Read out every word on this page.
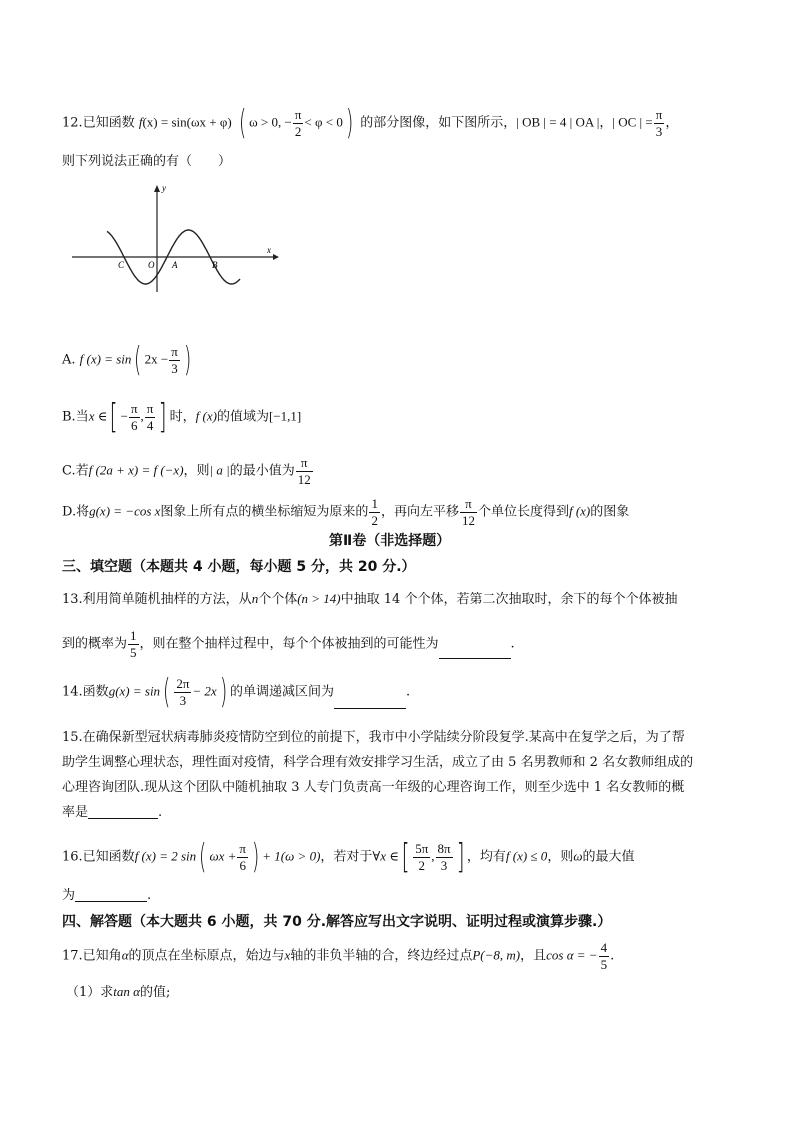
12.已知函数 f(x) = sin(ωx + φ) ( ω > 0, − $\frac{\pi}{2} < \varphi < 0$) 的部分图像，如下图所示，| OB | = 4 | OA |，| OC | = $\frac{\pi}{3}$ ，
则下列说法正确的有（　　）
y
x
C	O A	B
A. f (x) = sin( $2x - \frac{\pi}{3}$ )
B.当x ∈[ − $\frac{\pi}{6}$ , $\frac{\pi}{4}$ ] 时，f (x)的值域为[−1,1]
C.若f (2a + x) = f (−x)，则| a |的最小值为 $\frac{\pi}{12}$
D.将g(x) = −cos x图象上所有点的横坐标缩短为原来的 $\frac{1}{2}$ ，再向左平移 $\frac{\pi}{12}$ 个单位长度得到f (x)的图象
第Ⅱ卷（非选择题）
三、填空题（本题共 4 小题，每小题 5 分，共 20 分.）
13.利用简单随机抽样的方法，从n个个体(n > 14)中抽取 14 个个体，若第二次抽取时，余下的每个个体被抽
到的概率为 $\frac{1}{5}$ ，则在整个抽样过程中，每个个体被抽到的可能性为	.
14.函数$g(x) = \sin( \frac{2\pi}{3} - 2x)$ 的单调递减区间为	.
15.在确保新型冠状病毒肺炎疫情防空到位的前提下，我市中小学陆续分阶段复学.某高中在复学之后，为了帮
助学生调整心理状态，理性面对疫情，科学合理有效安排学习生活，成立了由 5 名男教师和 2 名女教师组成的
心理咨询团队.现从这个团队中随机抽取 3 人专门负责高一年级的心理咨询工作，则至少选中 1 名女教师的概
率是	.
16.已知函数f (x) = 2 sin( $\omega x + \frac{\pi}{6}$ ) + 1(ω > 0)，若对于∀x ∈[ $\frac{5\pi}{2}$ , $\frac{8\pi}{3}$ ] ，均有f (x) ≤ 0，则ω的最大值
为	.
四、解答题（本大题共 6 小题，共 70 分.解答应写出文字说明、证明过程或演算步骤.）
17.已知角α的顶点在坐标原点，始边与x轴的非负半轴的合，终边经过点P(−8, m)，且cos α = − $\frac{4}{5}$ .
（1）求tan α的值;
